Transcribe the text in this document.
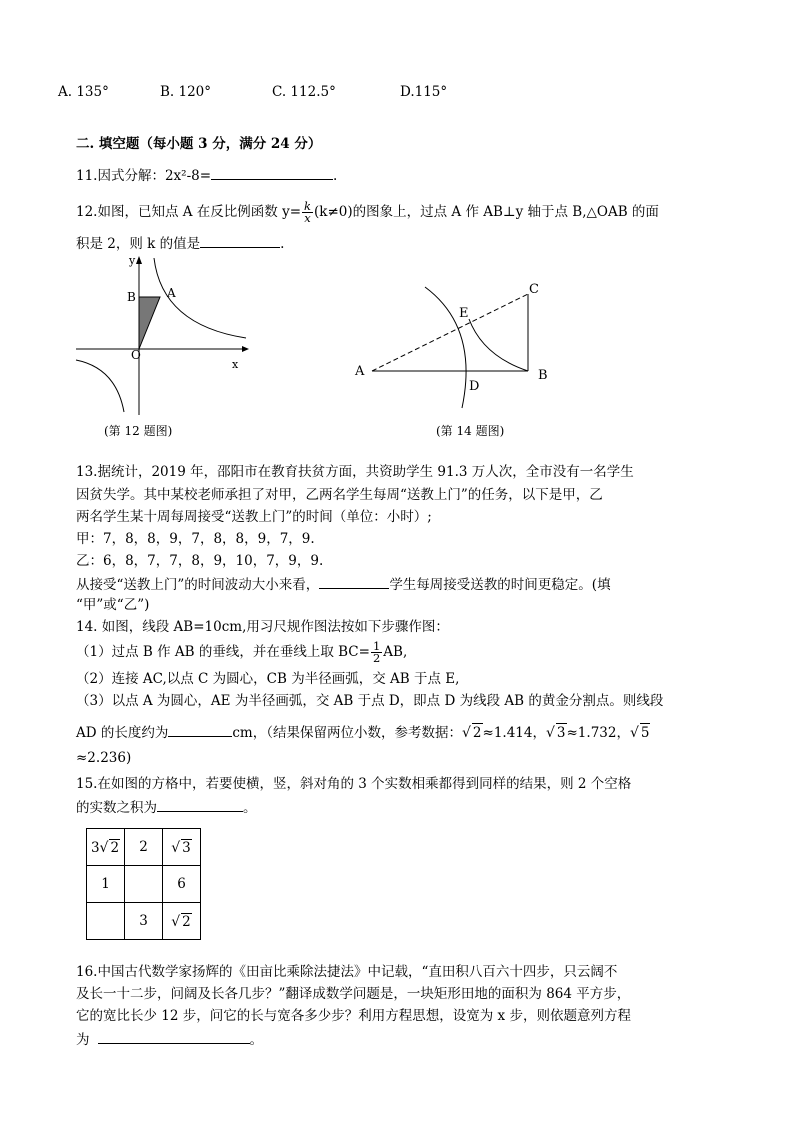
A. 135°	B. 120°	C. 112.5°	D.115°
二. 填空题（每小题 3 分，满分 24 分）
11.因式分解：2x²-8=	.
12.如图，已知点 A 在反比例函数 $y= \frac{k}{x} (k\ne 0)$的图象上，过点 A 作 AB⊥y 轴于点 B,△OAB 的面
积是 2，则 k 的值是	.
y
x
B	A
O
(第 12 题图)
A	B
C
D
E
(第 14 题图)
13.据统计，2019 年，邵阳市在教育扶贫方面，共资助学生 91.3 万人次，全市没有一名学生
因贫失学。其中某校老师承担了对甲，乙两名学生每周“送教上门”的任务，以下是甲，乙
两名学生某十周每周接受“送教上门”的时间（单位：小时）;
甲：7，8，8，9，7，8，8，9，7，9.
乙：6，8，7，7，8，9，10，7，9，9.
从接受“送教上门”的时间波动大小来看，	学生每周接受送教的时间更稳定。(填
“甲”或“乙”)
14. 如图，线段 AB=10cm,用习尺规作图法按如下步骤作图：
（1）过点 B 作 AB 的垂线，并在垂线上取 $BC= \frac{1}{2}$ AB,
（2）连接 AC,以点 C 为圆心，CB 为半径画弧，交 AB 于点 E,
（3）以点 A 为圆心，AE 为半径画弧，交 AB 于点 D，即点 D 为线段 AB 的黄金分割点。则线段
AD 的长度约为	cm，（结果保留两位小数，参考数据：√ 2≈1.414，√ 3≈1.732，√ 5
≈2.236)
15.在如图的方格中，若要使横，竖，斜对角的 3 个实数相乘都得到同样的结果，则 2 个空格
的实数之积为	。
3√ 2	2	√ 3
1		6
	3	√ 2
16.中国古代数学家扬辉的《田亩比乘除法捷法》中记载，“直田积八百六十四步，只云阔不
及长一十二步，问阔及长各几步？”翻译成数学问题是，一块矩形田地的面积为 864 平方步，
它的宽比长少 12 步，问它的长与宽各多少步？利用方程思想，设宽为 x 步，则依题意列方程
为	。
